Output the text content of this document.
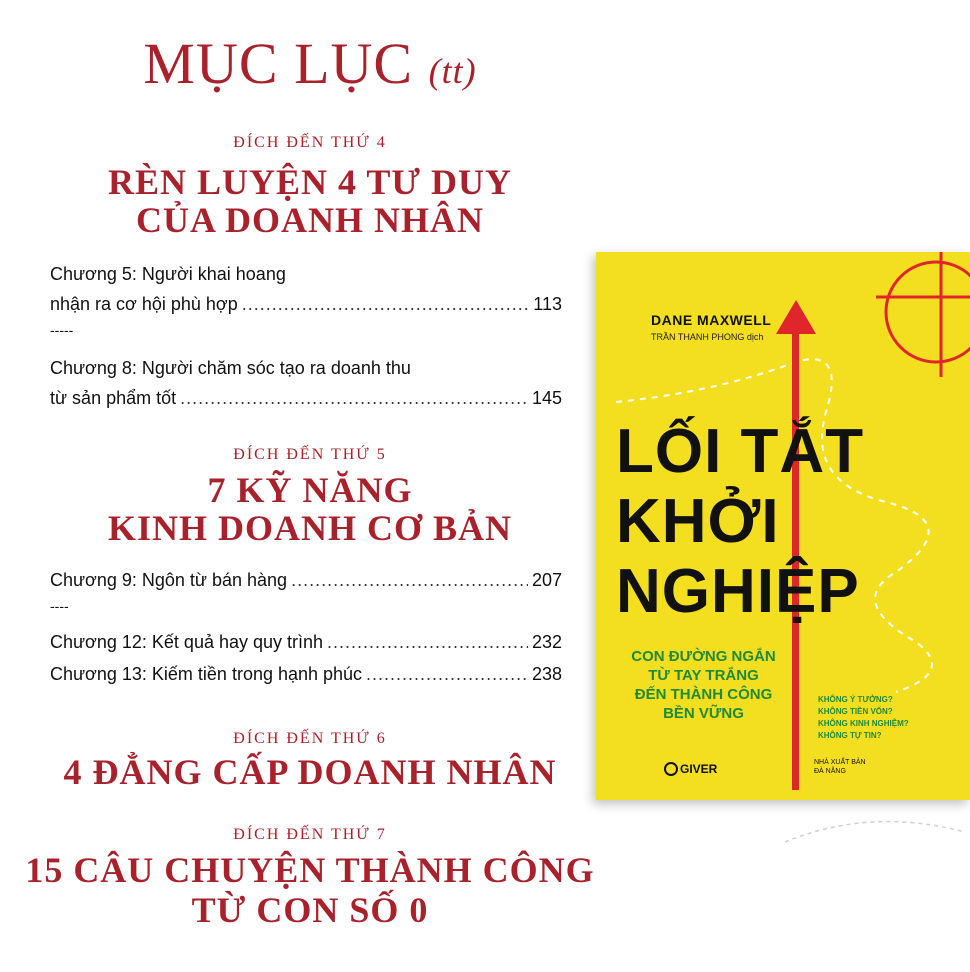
MỤC LỤC (tt)
ĐÍCH ĐẾN THỨ 4
RÈN LUYỆN 4 TƯ DUY
CỦA DOANH NHÂN
Chương 5: Người khai hoang
nhận ra cơ hội phù hợp .....	113
-----
Chương 8: Người chăm sóc tạo ra doanh thu
từ sản phẩm tốt .....	145
ĐÍCH ĐẾN THỨ 5
7 KỸ NĂNG
KINH DOANH CƠ BẢN
Chương 9: Ngôn từ bán hàng .....	207
----
Chương 12: Kết quả hay quy trình .....	232
Chương 13: Kiếm tiền trong hạnh phúc .....	238
ĐÍCH ĐẾN THỨ 6
4 ĐẲNG CẤP DOANH NHÂN
ĐÍCH ĐẾN THỨ 7
15 CÂU CHUYỆN THÀNH CÔNG
TỪ CON SỐ 0
DANE MAXWELL
TRẦN THANH PHONG dịch
LỐI TẮT
KHỞI
NGHIỆP
CON ĐƯỜNG NGẮN
TỪ TAY TRẮNG
ĐẾN THÀNH CÔNG
BỀN VỮNG
KHÔNG Ý TƯỞNG?
KHÔNG TIỀN VỐN?
KHÔNG KINH NGHIỆM?
KHÔNG TỰ TIN?
GIVER	NHÀ XUẤT BẢN
ĐÀ NẴNG
